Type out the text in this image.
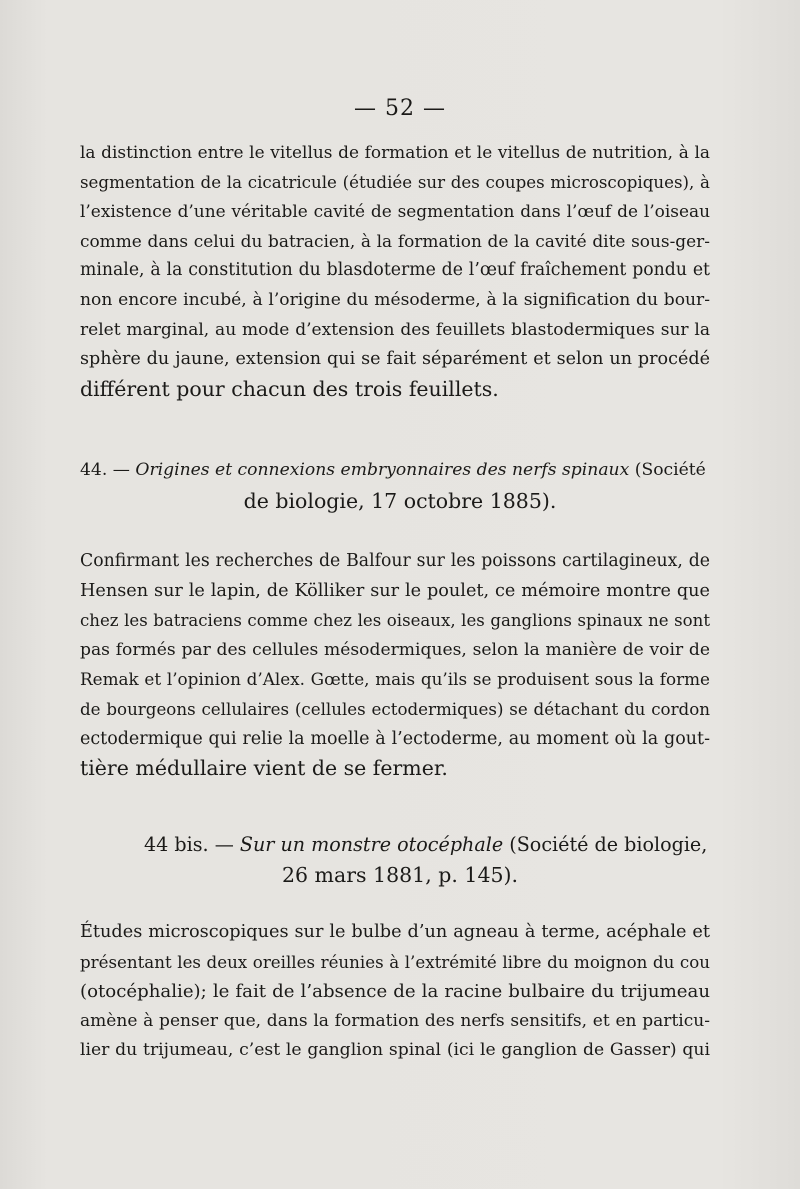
— 52 —
la distinction entre le vitellus de formation et le vitellus de nutrition, à la
segmentation de la cicatricule (étudiée sur des coupes microscopiques), à
l’existence d’une véritable cavité de segmentation dans l’œuf de l’oiseau
comme dans celui du batracien, à la formation de la cavité dite sous-ger-
minale, à la constitution du blasdoterme de l’œuf fraîchement pondu et
non encore incubé, à l’origine du mésoderme, à la signification du bour-
relet marginal, au mode d’extension des feuillets blastodermiques sur la
sphère du jaune, extension qui se fait séparément et selon un procédé
différent pour chacun des trois feuillets.
44. — Origines et connexions embryonnaires des nerfs spinaux (Société
de biologie, 17 octobre 1885).
Confirmant les recherches de Balfour sur les poissons cartilagineux, de
Hensen sur le lapin, de Kölliker sur le poulet, ce mémoire montre que
chez les batraciens comme chez les oiseaux, les ganglions spinaux ne sont
pas formés par des cellules mésodermiques, selon la manière de voir de
Remak et l’opinion d’Alex. Gœtte, mais qu’ils se produisent sous la forme
de bourgeons cellulaires (cellules ectodermiques) se détachant du cordon
ectodermique qui relie la moelle à l’ectoderme, au moment où la gout-
tière médullaire vient de se fermer.
44 bis. — Sur un monstre otocéphale (Société de biologie,
26 mars 1881, p. 145).
Études microscopiques sur le bulbe d’un agneau à terme, acéphale et
présentant les deux oreilles réunies à l’extrémité libre du moignon du cou
(otocéphalie); le fait de l’absence de la racine bulbaire du trijumeau
amène à penser que, dans la formation des nerfs sensitifs, et en particu-
lier du trijumeau, c’est le ganglion spinal (ici le ganglion de Gasser) qui
